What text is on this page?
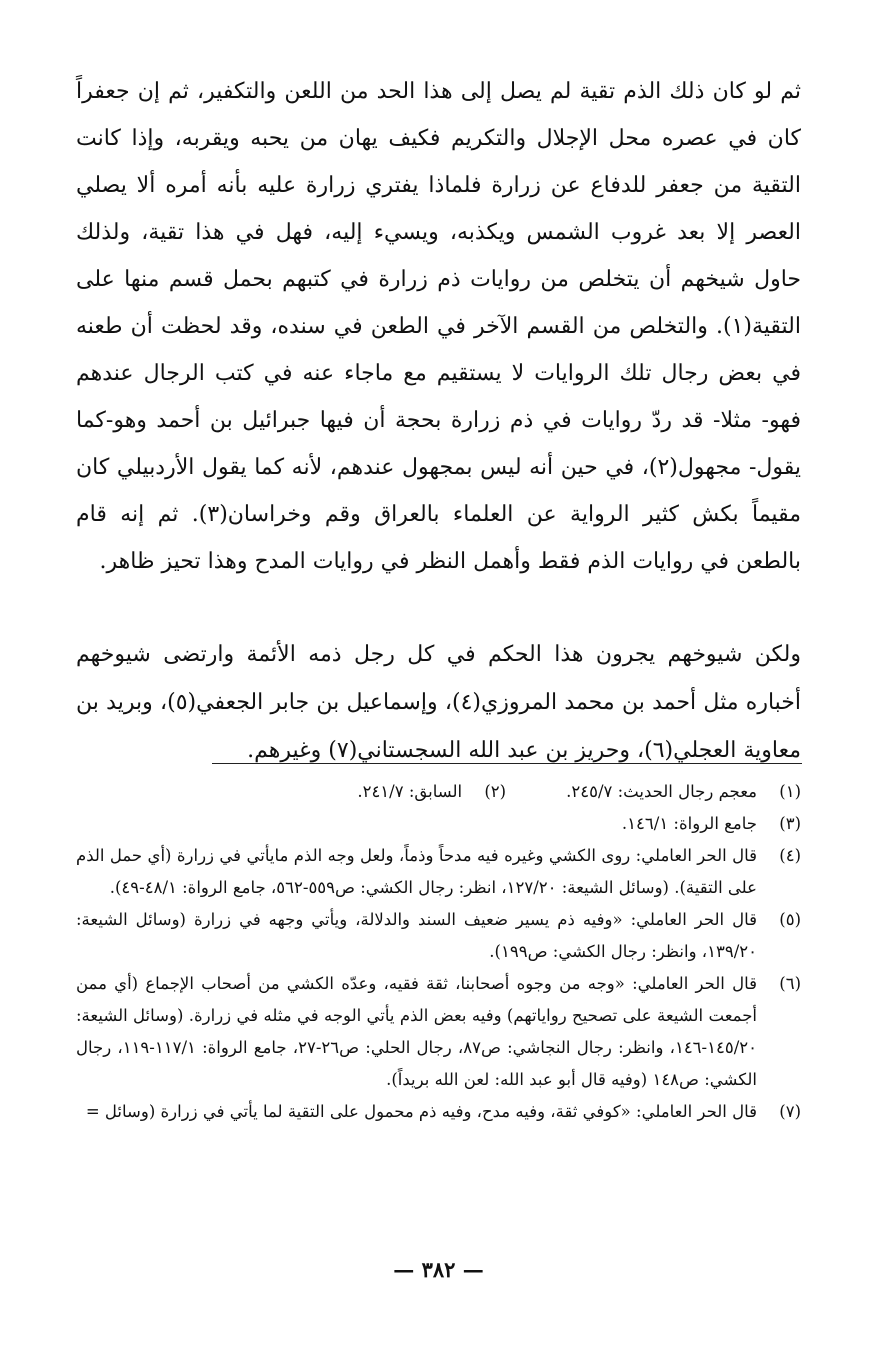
ثم لو كان ذلك الذم تقية لم يصل إلى هذا الحد من اللعن والتكفير، ثم إن جعفراً كان في عصره محل الإجلال والتكريم فكيف يهان من يحبه ويقربه، وإذا كانت التقية من جعفر للدفاع عن زرارة فلماذا يفتري زرارة عليه بأنه أمره ألا يصلي العصر إلا بعد غروب الشمس ويكذبه، ويسيء إليه، فهل في هذا تقية، ولذلك حاول شيخهم أن يتخلص من روايات ذم زرارة في كتبهم بحمل قسم منها على التقية(١). والتخلص من القسم الآخر في الطعن في سنده، وقد لحظت أن طعنه في بعض رجال تلك الروايات لا يستقيم مع ماجاء عنه في كتب الرجال عندهم فهو- مثلا- قد ردّ روايات في ذم زرارة بحجة أن فيها جبرائيل بن أحمد وهو-كما يقول- مجهول(٢)، في حين أنه ليس بمجهول عندهم، لأنه كما يقول الأردبيلي كان مقيماً بكش كثير الرواية عن العلماء بالعراق وقم وخراسان(٣). ثم إنه قام بالطعن في روايات الذم فقط وأهمل النظر في روايات المدح وهذا تحيز ظاهر.
ولكن شيوخهم يجرون هذا الحكم في كل رجل ذمه الأئمة وارتضى شيوخهم أخباره مثل أحمد بن محمد المروزي(٤)، وإسماعيل بن جابر الجعفي(٥)، وبريد بن معاوية العجلي(٦)، وحريز بن عبد الله السجستاني(٧) وغيرهم.
(١)
معجم رجال الحديث: ٢٤٥/٧.
(٢)
السابق: ٢٤١/٧.
(٣)
جامع الرواة: ١٤٦/١.
(٤)
قال الحر العاملي: روى الكشي وغيره فيه مدحاً وذماً، ولعل وجه الذم مايأتي في زرارة (أي حمل الذم على التقية). (وسائل الشيعة: ١٢٧/٢٠، انظر: رجال الكشي: ص٥٥٩-٥٦٢، جامع الرواة: ٤٨/١-٤٩).
(٥)
قال الحر العاملي: «وفيه ذم يسير ضعيف السند والدلالة، ويأتي وجهه في زرارة (وسائل الشيعة: ١٣٩/٢٠، وانظر: رجال الكشي: ص١٩٩).
(٦)
قال الحر العاملي: «وجه من وجوه أصحابنا، ثقة فقيه، وعدّه الكشي من أصحاب الإجماع (أي ممن أجمعت الشيعة على تصحيح رواياتهم) وفيه بعض الذم يأتي الوجه في مثله في زرارة. (وسائل الشيعة: ١٤٥/٢٠-١٤٦، وانظر: رجال النجاشي: ص٨٧، رجال الحلي: ص٢٦-٢٧، جامع الرواة: ١١٧/١-١١٩، رجال الكشي: ص١٤٨ (وفيه قال أبو عبد الله: لعن الله بريداً).
(٧)
قال الحر العاملي: «كوفي ثقة، وفيه مدح، وفيه ذم محمول على التقية لما يأتي في زرارة (وسائل =
— ٣٨٢ —
